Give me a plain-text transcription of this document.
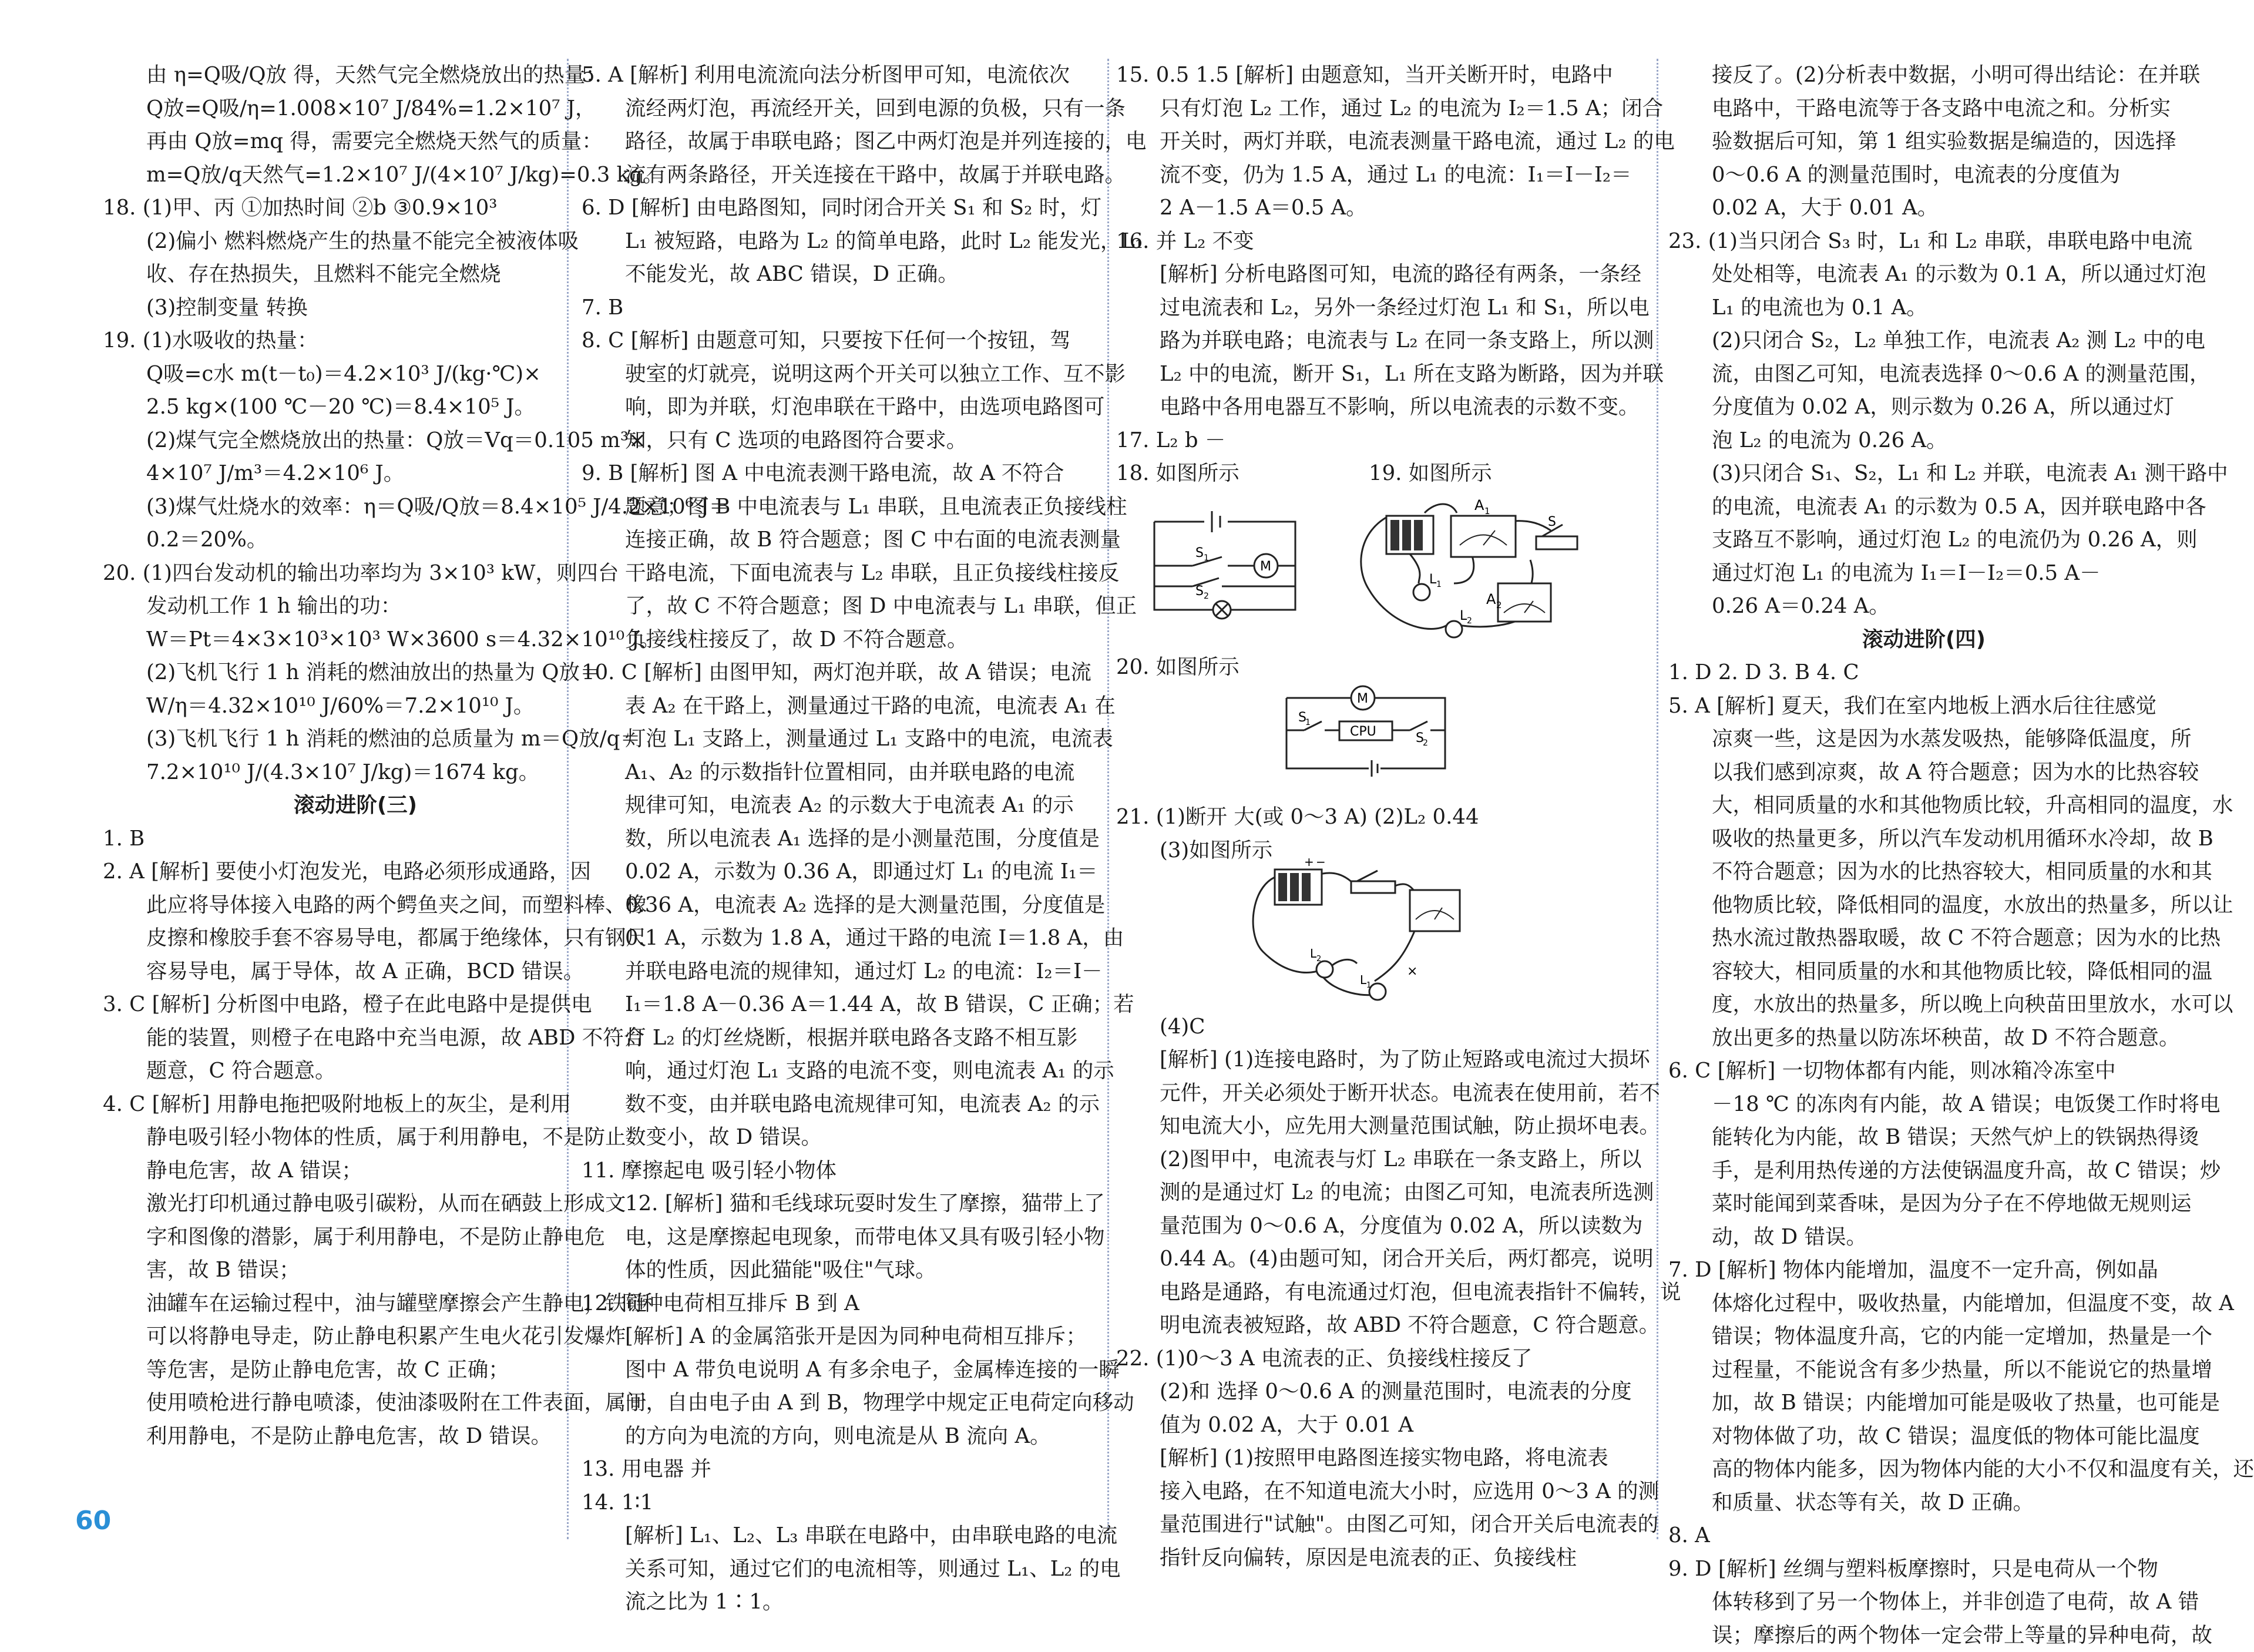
由 η=Q吸/Q放 得，天然气完全燃烧放出的热量：
Q放=Q吸/η=1.008×10⁷ J/84%=1.2×10⁷ J，
再由 Q放=mq 得，需要完全燃烧天然气的质量：
m=Q放/q天然气=1.2×10⁷ J/(4×10⁷ J/kg)=0.3 kg。
18. (1)甲、丙 ①加热时间 ②b ③0.9×10³
(2)偏小 燃料燃烧产生的热量不能完全被液体吸
收、存在热损失，且燃料不能完全燃烧
(3)控制变量 转换
19. (1)水吸收的热量：
Q吸=c水 m(t－t₀)＝4.2×10³ J/(kg·℃)×
2.5 kg×(100 ℃－20 ℃)＝8.4×10⁵ J。
(2)煤气完全燃烧放出的热量：Q放＝Vq＝0.105 m³×
4×10⁷ J/m³＝4.2×10⁶ J。
(3)煤气灶烧水的效率：η＝Q吸/Q放＝8.4×10⁵ J/4.2×10⁶ J＝
0.2＝20%。
20. (1)四台发动机的输出功率均为 3×10³ kW，则四台
发动机工作 1 h 输出的功：
W＝Pt＝4×3×10³×10³ W×3600 s＝4.32×10¹⁰ J。
(2)飞机飞行 1 h 消耗的燃油放出的热量为 Q放＝
W/η＝4.32×10¹⁰ J/60%＝7.2×10¹⁰ J。
(3)飞机飞行 1 h 消耗的燃油的总质量为 m＝Q放/q＝
7.2×10¹⁰ J/(4.3×10⁷ J/kg)＝1674 kg。
滚动进阶(三)
1. B
2. A [解析] 要使小灯泡发光，电路必须形成通路，因
此应将导体接入电路的两个鳄鱼夹之间，而塑料棒、橡
皮擦和橡胶手套不容易导电，都属于绝缘体，只有钢尺
容易导电，属于导体，故 A 正确，BCD 错误。
3. C [解析] 分析图中电路，橙子在此电路中是提供电
能的装置，则橙子在电路中充当电源，故 ABD 不符合
题意，C 符合题意。
4. C [解析] 用静电拖把吸附地板上的灰尘，是利用
静电吸引轻小物体的性质，属于利用静电，不是防止
静电危害，故 A 错误；
激光打印机通过静电吸引碳粉，从而在硒鼓上形成文
字和图像的潜影，属于利用静电，不是防止静电危
害，故 B 错误；
油罐车在运输过程中，油与罐壁摩擦会产生静电，铁链
可以将静电导走，防止静电积累产生电火花引发爆炸
等危害，是防止静电危害，故 C 正确；
使用喷枪进行静电喷漆，使油漆吸附在工件表面，属于
利用静电，不是防止静电危害，故 D 错误。
5. A [解析] 利用电流流向法分析图甲可知，电流依次
流经两灯泡，再流经开关，回到电源的负极，只有一条
路径，故属于串联电路；图乙中两灯泡是并列连接的，电
流有两条路径，开关连接在干路中，故属于并联电路。
6. D [解析] 由电路图知，同时闭合开关 S₁ 和 S₂ 时，灯
L₁ 被短路，电路为 L₂ 的简单电路，此时 L₂ 能发光，L₁
不能发光，故 ABC 错误，D 正确。
7. B
8. C [解析] 由题意可知，只要按下任何一个按钮，驾
驶室的灯就亮，说明这两个开关可以独立工作、互不影
响，即为并联，灯泡串联在干路中，由选项电路图可
知，只有 C 选项的电路图符合要求。
9. B [解析] 图 A 中电流表测干路电流，故 A 不符合
题意；图 B 中电流表与 L₁ 串联，且电流表正负接线柱
连接正确，故 B 符合题意；图 C 中右面的电流表测量
干路电流，下面电流表与 L₂ 串联，且正负接线柱接反
了，故 C 不符合题意；图 D 中电流表与 L₁ 串联，但正
负接线柱接反了，故 D 不符合题意。
10. C [解析] 由图甲知，两灯泡并联，故 A 错误；电流
表 A₂ 在干路上，测量通过干路的电流，电流表 A₁ 在
灯泡 L₁ 支路上，测量通过 L₁ 支路中的电流，电流表
A₁、A₂ 的示数指针位置相同，由并联电路的电流
规律可知，电流表 A₂ 的示数大于电流表 A₁ 的示
数，所以电流表 A₁ 选择的是小测量范围，分度值是
0.02 A，示数为 0.36 A，即通过灯 L₁ 的电流 I₁＝
0.36 A，电流表 A₂ 选择的是大测量范围，分度值是
0.1 A，示数为 1.8 A，通过干路的电流 I＝1.8 A，由
并联电路电流的规律知，通过灯 L₂ 的电流：I₂＝I－
I₁＝1.8 A－0.36 A＝1.44 A，故 B 错误，C 正确；若
灯 L₂ 的灯丝烧断，根据并联电路各支路不相互影
响，通过灯泡 L₁ 支路的电流不变，则电流表 A₁ 的示
数不变，由并联电路电流规律可知，电流表 A₂ 的示
数变小，故 D 错误。
11. 摩擦起电 吸引轻小物体
12. [解析] 猫和毛线球玩耍时发生了摩擦，猫带上了
电，这是摩擦起电现象，而带电体又具有吸引轻小物
体的性质，因此猫能"吸住"气球。
12. 同种电荷相互排斥 B 到 A
[解析] A 的金属箔张开是因为同种电荷相互排斥；
图中 A 带负电说明 A 有多余电子，金属棒连接的一瞬
间，自由电子由 A 到 B，物理学中规定正电荷定向移动
的方向为电流的方向，则电流是从 B 流向 A。
13. 用电器 并
14. 1∶1
[解析] L₁、L₂、L₃ 串联在电路中，由串联电路的电流
关系可知，通过它们的电流相等，则通过 L₁、L₂ 的电
流之比为 1∶1。
接反了。(2)分析表中数据，小明可得出结论：在并联
电路中，干路电流等于各支路中电流之和。分析实
验数据后可知，第 1 组实验数据是编造的，因选择
0～0.6 A 的测量范围时，电流表的分度值为
0.02 A，大于 0.01 A。
23. (1)当只闭合 S₃ 时，L₁ 和 L₂ 串联，串联电路中电流
处处相等，电流表 A₁ 的示数为 0.1 A，所以通过灯泡
L₁ 的电流也为 0.1 A。
(2)只闭合 S₂，L₂ 单独工作，电流表 A₂ 测 L₂ 中的电
流，由图乙可知，电流表选择 0～0.6 A 的测量范围，
分度值为 0.02 A，则示数为 0.26 A，所以通过灯
泡 L₂ 的电流为 0.26 A。
(3)只闭合 S₁、S₂，L₁ 和 L₂ 并联，电流表 A₁ 测干路中
的电流，电流表 A₁ 的示数为 0.5 A，因并联电路中各
支路互不影响，通过灯泡 L₂ 的电流仍为 0.26 A，则
通过灯泡 L₁ 的电流为 I₁＝I－I₂＝0.5 A－
0.26 A＝0.24 A。
滚动进阶(四)
1. D 2. D 3. B 4. C
5. A [解析] 夏天，我们在室内地板上洒水后往往感觉
凉爽一些，这是因为水蒸发吸热，能够降低温度，所
以我们感到凉爽，故 A 符合题意；因为水的比热容较
大，相同质量的水和其他物质比较，升高相同的温度，水
吸收的热量更多，所以汽车发动机用循环水冷却，故 B
不符合题意；因为水的比热容较大，相同质量的水和其
他物质比较，降低相同的温度，水放出的热量多，所以让
热水流过散热器取暖，故 C 不符合题意；因为水的比热
容较大，相同质量的水和其他物质比较，降低相同的温
度，水放出的热量多，所以晚上向秧苗田里放水，水可以
放出更多的热量以防冻坏秧苗，故 D 不符合题意。
6. C [解析] 一切物体都有内能，则冰箱冷冻室中
－18 ℃ 的冻肉有内能，故 A 错误；电饭煲工作时将电
能转化为内能，故 B 错误；天然气炉上的铁锅热得烫
手，是利用热传递的方法使锅温度升高，故 C 错误；炒
菜时能闻到菜香味，是因为分子在不停地做无规则运
动，故 D 错误。
7. D [解析] 物体内能增加，温度不一定升高，例如晶
体熔化过程中，吸收热量，内能增加，但温度不变，故 A
错误；物体温度升高，它的内能一定增加，热量是一个
过程量，不能说含有多少热量，所以不能说它的热量增
加，故 B 错误；内能增加可能是吸收了热量，也可能是
对物体做了功，故 C 错误；温度低的物体可能比温度
高的物体内能多，因为物体内能的大小不仅和温度有关，还
和质量、状态等有关，故 D 正确。
8. A
9. D [解析] 丝绸与塑料板摩擦时，只是电荷从一个物
体转移到了另一个物体上，并非创造了电荷，故 A 错
误；摩擦后的两个物体一定会带上等量的异种电荷，故
15. 0.5 1.5 [解析] 由题意知，当开关断开时，电路中
只有灯泡 L₂ 工作，通过 L₂ 的电流为 I₂＝1.5 A；闭合
开关时，两灯并联，电流表测量干路电流，通过 L₂ 的电
流不变，仍为 1.5 A，通过 L₁ 的电流：I₁＝I－I₂＝
2 A－1.5 A＝0.5 A。
16. 并 L₂ 不变
[解析] 分析电路图可知，电流的路径有两条，一条经
过电流表和 L₂，另外一条经过灯泡 L₁ 和 S₁，所以电
路为并联电路；电流表与 L₂ 在同一条支路上，所以测
L₂ 中的电流，断开 S₁，L₁ 所在支路为断路，因为并联
电路中各用电器互不影响，所以电流表的示数不变。
17. L₂ b －
18. 如图所示	19. 如图所示
S 1
S 2
M
A 1
S
A 2
L 1
L 2
20. 如图所示
M
CPU
S
1
S
2
21. (1)断开 大(或 0～3 A) (2)L₂ 0.44
(3)如图所示	+ −
L 2
L 1
×
(4)C
[解析] (1)连接电路时，为了防止短路或电流过大损坏
元件，开关必须处于断开状态。电流表在使用前，若不
知电流大小，应先用大测量范围试触，防止损坏电表。
(2)图甲中，电流表与灯 L₂ 串联在一条支路上，所以
测的是通过灯 L₂ 的电流；由图乙可知，电流表所选测
量范围为 0～0.6 A，分度值为 0.02 A，所以读数为
0.44 A。(4)由题可知，闭合开关后，两灯都亮，说明
电路是通路，有电流通过灯泡，但电流表指针不偏转，说
明电流表被短路，故 ABD 不符合题意，C 符合题意。
22. (1)0～3 A 电流表的正、负接线柱接反了
(2)和 选择 0～0.6 A 的测量范围时，电流表的分度
值为 0.02 A，大于 0.01 A
[解析] (1)按照甲电路图连接实物电路，将电流表
接入电路，在不知道电流大小时，应选用 0～3 A 的测
量范围进行"试触"。由图乙可知，闭合开关后电流表的
指针反向偏转，原因是电流表的正、负接线柱
60
